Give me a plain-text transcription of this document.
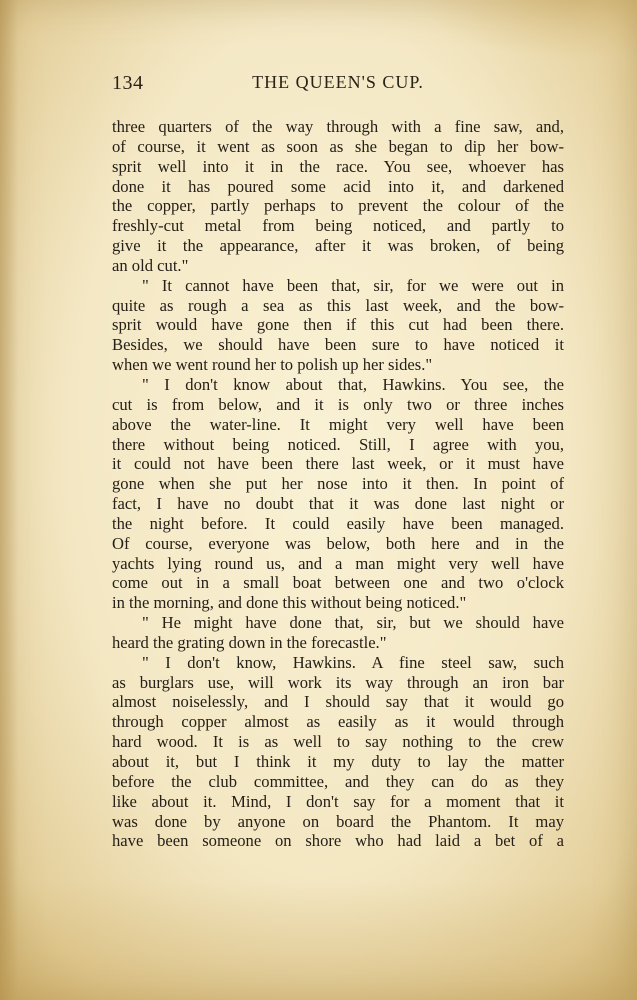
134	THE QUEEN'S CUP.
three quarters of the way through with a fine saw, and,
of course, it went as soon as she began to dip her bow-
sprit well into it in the race. You see, whoever has
done it has poured some acid into it, and darkened
the copper, partly perhaps to prevent the colour of the
freshly-cut metal from being noticed, and partly to
give it the appearance, after it was broken, of being
an old cut."
" It cannot have been that, sir, for we were out in
quite as rough a sea as this last week, and the bow-
sprit would have gone then if this cut had been there.
Besides, we should have been sure to have noticed it
when we went round her to polish up her sides."
" I don't know about that, Hawkins. You see, the
cut is from below, and it is only two or three inches
above the water-line. It might very well have been
there without being noticed. Still, I agree with you,
it could not have been there last week, or it must have
gone when she put her nose into it then. In point of
fact, I have no doubt that it was done last night or
the night before. It could easily have been managed.
Of course, everyone was below, both here and in the
yachts lying round us, and a man might very well have
come out in a small boat between one and two o'clock
in the morning, and done this without being noticed."
" He might have done that, sir, but we should have
heard the grating down in the forecastle."
" I don't know, Hawkins. A fine steel saw, such
as burglars use, will work its way through an iron bar
almost noiselessly, and I should say that it would go
through copper almost as easily as it would through
hard wood. It is as well to say nothing to the crew
about it, but I think it my duty to lay the matter
before the club committee, and they can do as they
like about it. Mind, I don't say for a moment that it
was done by anyone on board the Phantom. It may
have been someone on shore who had laid a bet of a
